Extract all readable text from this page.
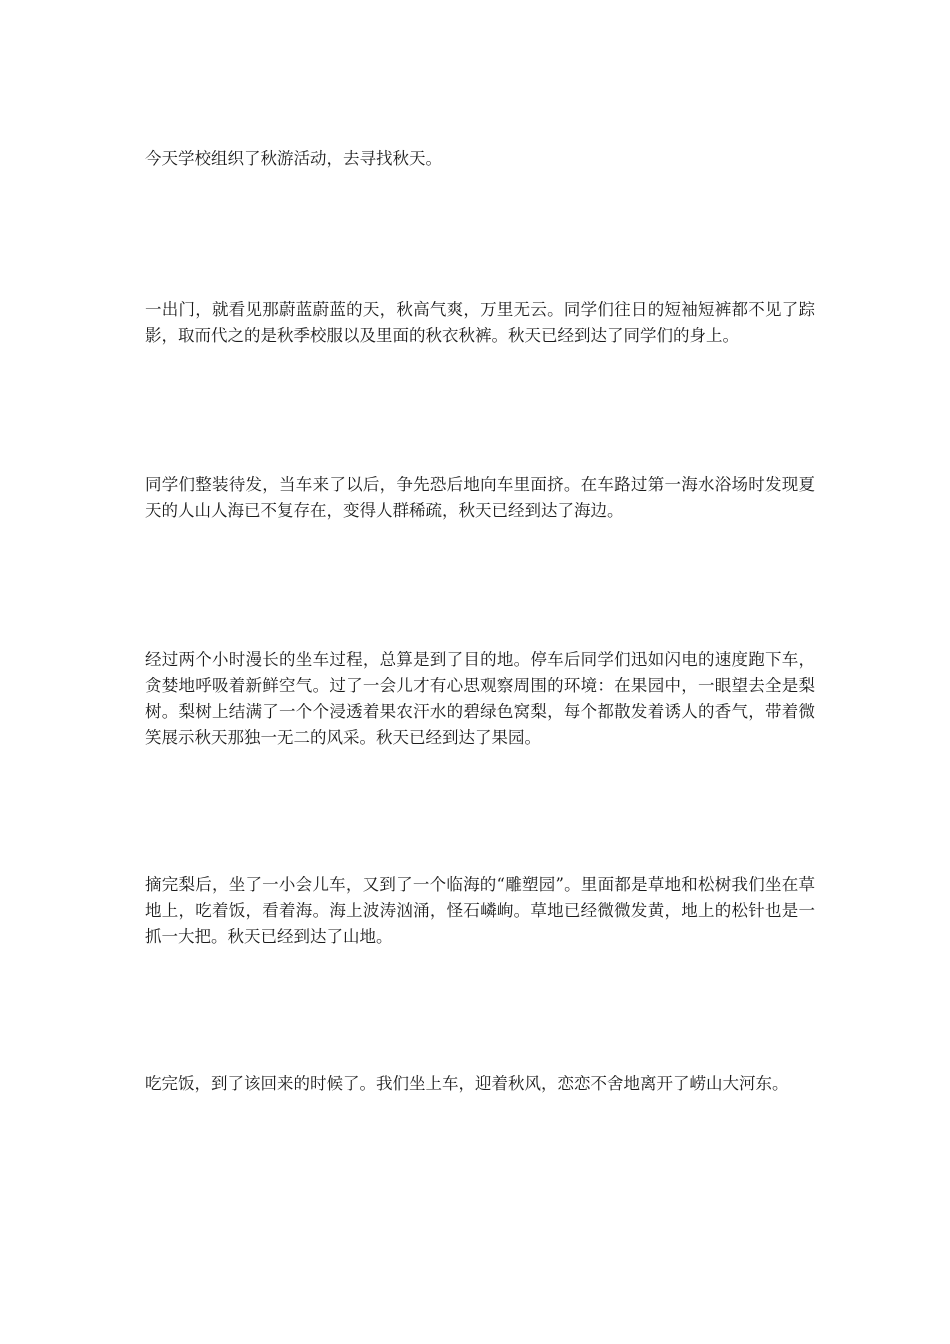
今天学校组织了秋游活动，去寻找秋天。

一出门，就看见那蔚蓝蔚蓝的天，秋高气爽，万里无云。同学们往日的短袖短裤都不见了踪影，取而代之的是秋季校服以及里面的秋衣秋裤。秋天已经到达了同学们的身上。

同学们整装待发，当车来了以后，争先恐后地向车里面挤。在车路过第一海水浴场时发现夏天的人山人海已不复存在，变得人群稀疏，秋天已经到达了海边。

经过两个小时漫长的坐车过程，总算是到了目的地。停车后同学们迅如闪电的速度跑下车，贪婪地呼吸着新鲜空气。过了一会儿才有心思观察周围的环境：在果园中，一眼望去全是梨树。梨树上结满了一个个浸透着果农汗水的碧绿色窝梨，每个都散发着诱人的香气，带着微笑展示秋天那独一无二的风采。秋天已经到达了果园。

摘完梨后，坐了一小会儿车，又到了一个临海的“雕塑园”。里面都是草地和松树我们坐在草地上，吃着饭，看着海。海上波涛汹涌，怪石嶙峋。草地已经微微发黄，地上的松针也是一抓一大把。秋天已经到达了山地。

吃完饭，到了该回来的时候了。我们坐上车，迎着秋风，恋恋不舍地离开了崂山大河东。
